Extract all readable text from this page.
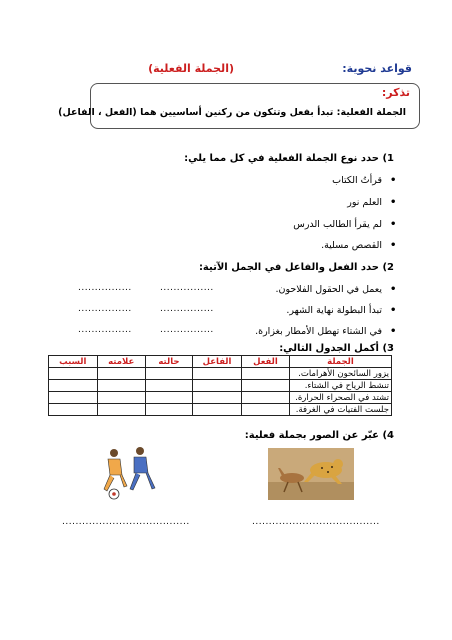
قواعد نحوية:
(الجملة الفعلية)
تذكر:
الجملة الفعلية: تبدأ بفعل وتتكون من ركنين أساسيين هما (الفعل ، الفاعل)
1) حدد نوع الجملة الفعلية في كل مما يلي:
•
قرأتُ الكتاب
•
العلم نور
•
لم يقرأ الطالب الدرس
•
القصص مسلية.
2) حدد الفعل والفاعل في الجمل الآتية:
•
يعمل في الحقول الفلاحون.
................
................
•
تبدأ البطولة نهاية الشهر.
................
................
•
في الشتاء تهطل الأمطار بغزارة.
................
................
3) أكمل الجدول التالي:
الجملة	الفعل	الفاعل	حالته	علامته	السبب
يزور السائحون الأهرامات.					
تنشط الرياح في الشتاء.					
تشتد في الصحراء الحرارة.					
جلست الفتيات في الغرفة.					
4) عبّر عن الصور بجملة فعلية:
......................................	......................................
